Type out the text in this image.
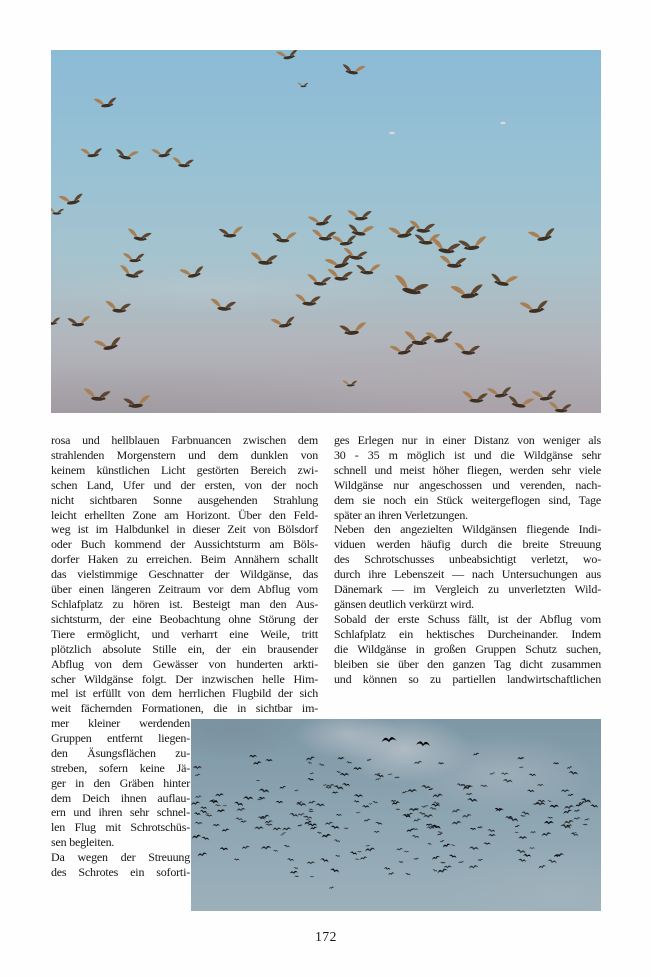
rosa und hellblauen Farbnuancen zwischen dem
strahlenden Morgenstern und dem dunklen von
keinem künstlichen Licht gestörten Bereich zwi-
schen Land, Ufer und der ersten, von der noch
nicht sichtbaren Sonne ausgehenden Strahlung
leicht erhellten Zone am Horizont. Über den Feld-
weg ist im Halbdunkel in dieser Zeit von Bölsdorf
oder Buch kommend der Aussichtsturm am Böls-
dorfer Haken zu erreichen. Beim Annähern schallt
das vielstimmige Geschnatter der Wildgänse, das
über einen längeren Zeitraum vor dem Abflug vom
Schlafplatz zu hören ist. Besteigt man den Aus-
sichtsturm, der eine Beobachtung ohne Störung der
Tiere ermöglicht, und verharrt eine Weile, tritt
plötzlich absolute Stille ein, der ein brausender
Abflug von dem Gewässer von hunderten arkti-
scher Wildgänse folgt. Der inzwischen helle Him-
mel ist erfüllt von dem herrlichen Flugbild der sich
weit fächernden Formationen, die in sichtbar im-
mer kleiner werdenden
Gruppen entfernt liegen-
den Äsungsflächen zu-
streben, sofern keine Jä-
ger in den Gräben hinter
dem Deich ihnen auflau-
ern und ihren sehr schnel-
len Flug mit Schrotschüs-
sen begleiten.
Da wegen der Streuung
des Schrotes ein soforti-
ges Erlegen nur in einer Distanz von weniger als
30 - 35 m möglich ist und die Wildgänse sehr
schnell und meist höher fliegen, werden sehr viele
Wildgänse nur angeschossen und verenden, nach-
dem sie noch ein Stück weitergeflogen sind, Tage
später an ihren Verletzungen.
Neben den angezielten Wildgänsen fliegende Indi-
viduen werden häufig durch die breite Streuung
des Schrotschusses unbeabsichtigt verletzt, wo-
durch ihre Lebenszeit — nach Untersuchungen aus
Dänemark — im Vergleich zu unverletzten Wild-
gänsen deutlich verkürzt wird.
Sobald der erste Schuss fällt, ist der Abflug vom
Schlafplatz ein hektisches Durcheinander. Indem
die Wildgänse in großen Gruppen Schutz suchen,
bleiben sie über den ganzen Tag dicht zusammen
und können so zu partiellen landwirtschaftlichen
172
